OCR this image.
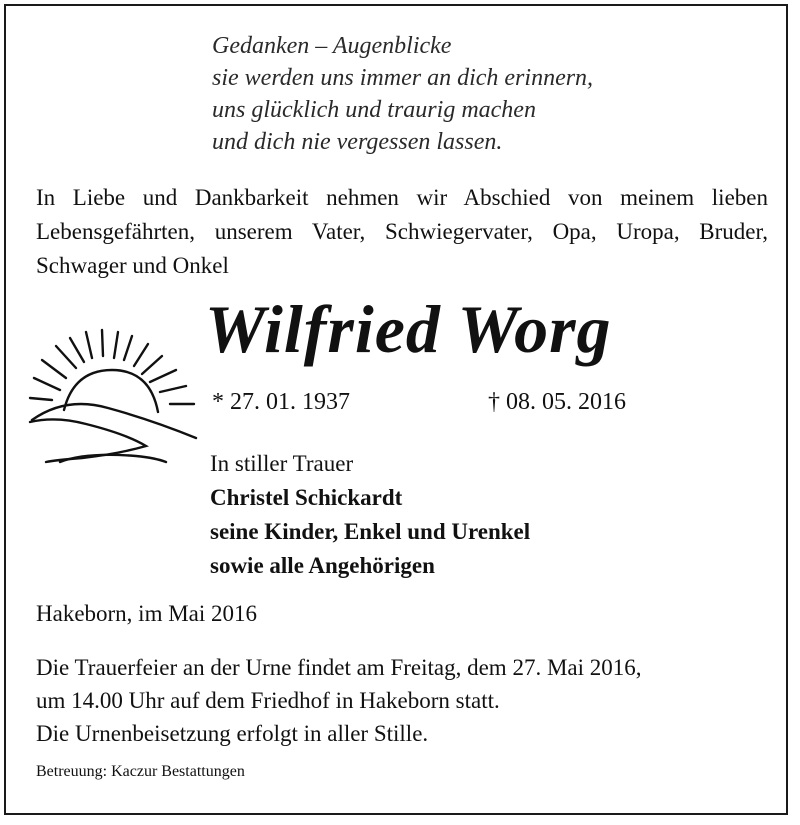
Gedanken – Augenblicke
sie werden uns immer an dich erinnern,
uns glücklich und traurig machen
und dich nie vergessen lassen.
In Liebe und Dankbarkeit nehmen wir Abschied von meinem lieben Lebensgefährten, unserem Vater, Schwiegervater, Opa, Uropa, Bruder, Schwager und Onkel
Wilfried Worg
* 27. 01. 1937	† 08. 05. 2016
In stiller Trauer
Christel Schickardt
seine Kinder, Enkel und Urenkel
sowie alle Angehörigen
Hakeborn, im Mai 2016
Die Trauerfeier an der Urne findet am Freitag, dem 27. Mai 2016,
um 14.00 Uhr auf dem Friedhof in Hakeborn statt.
Die Urnenbeisetzung erfolgt in aller Stille.
Betreuung: Kaczur Bestattungen
